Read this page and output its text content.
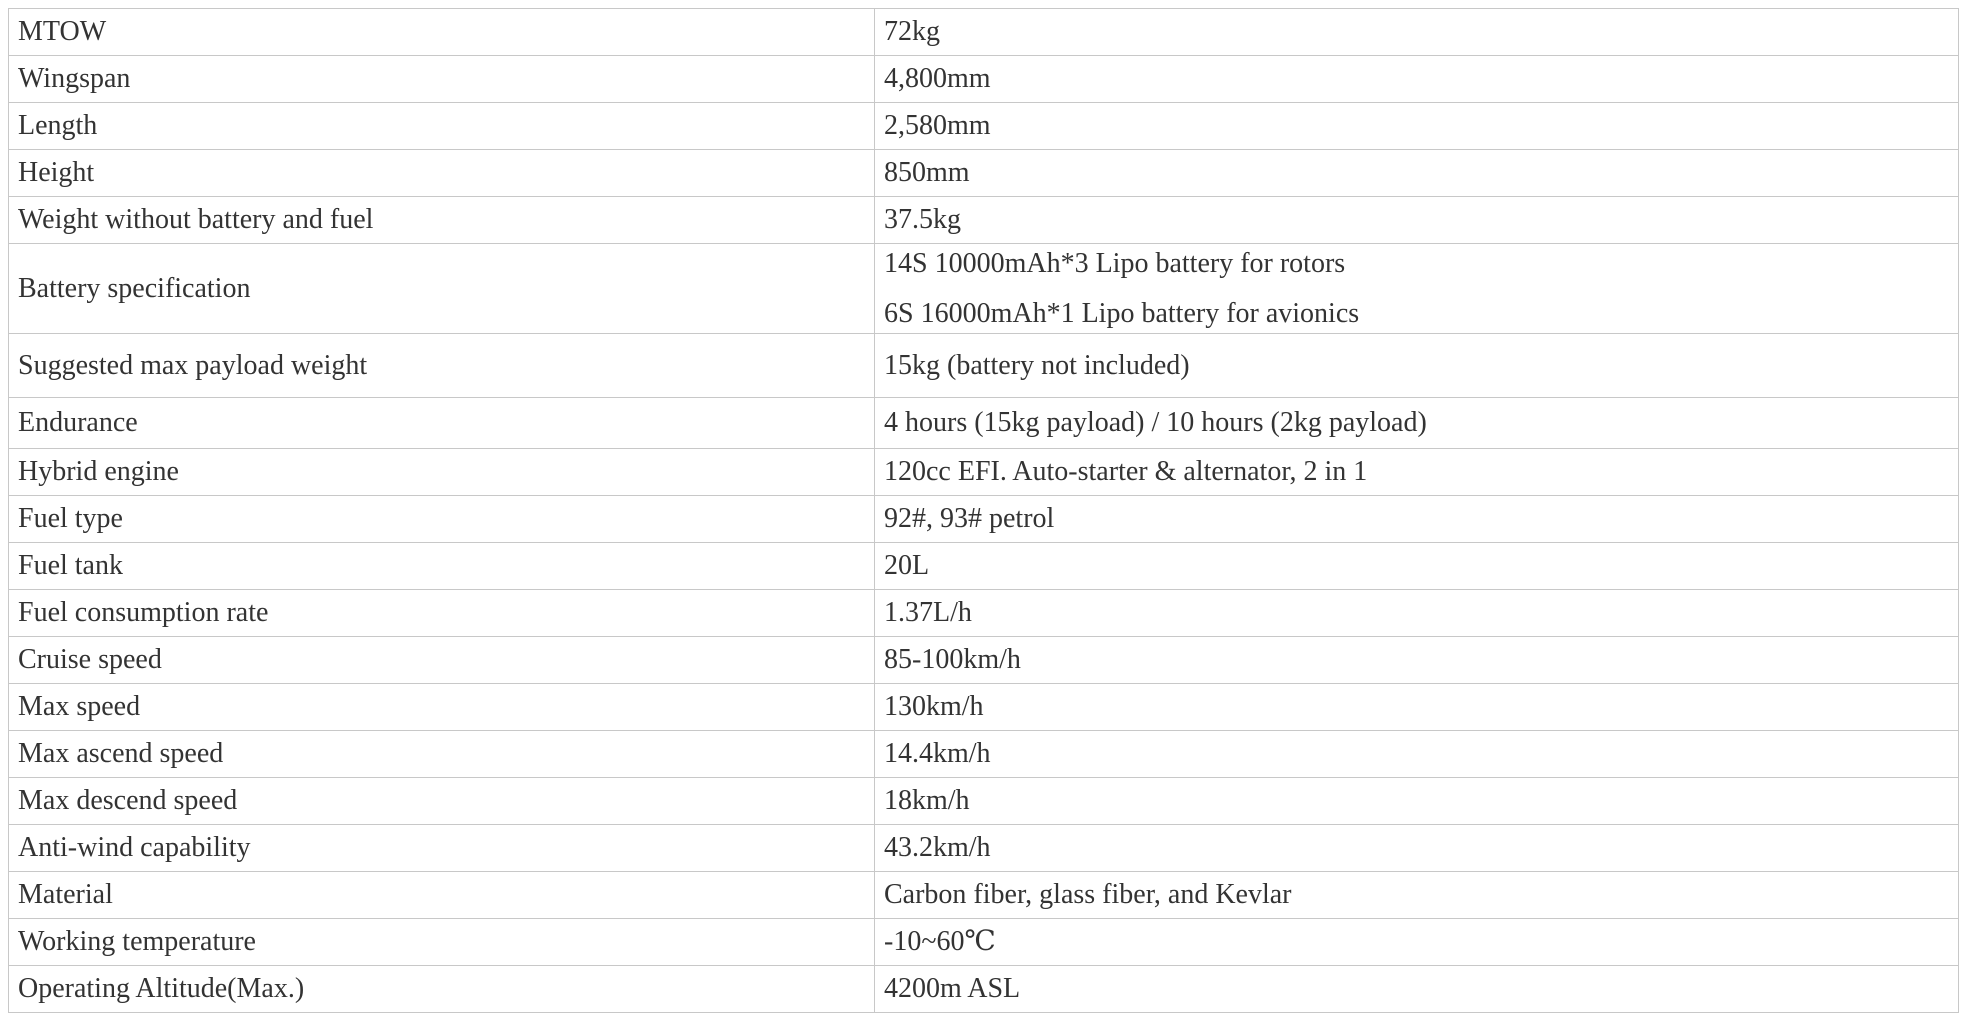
MTOW	72kg
Wingspan	4,800mm
Length	2,580mm
Height	850mm
Weight without battery and fuel	37.5kg
Battery specification	14S 10000mAh*3 Lipo battery for rotors
6S 16000mAh*1 Lipo battery for avionics

Suggested max payload weight	15kg (battery not included)
Endurance	4 hours (15kg payload) / 10 hours (2kg payload)
Hybrid engine	120cc EFI. Auto-starter & alternator, 2 in 1
Fuel type	92#, 93# petrol
Fuel tank	20L
Fuel consumption rate	1.37L/h
Cruise speed	85-100km/h
Max speed	130km/h
Max ascend speed	14.4km/h
Max descend speed	18km/h
Anti-wind capability	43.2km/h
Material	Carbon fiber, glass fiber, and Kevlar
Working temperature	-10~60℃
Operating Altitude(Max.)	4200m ASL
